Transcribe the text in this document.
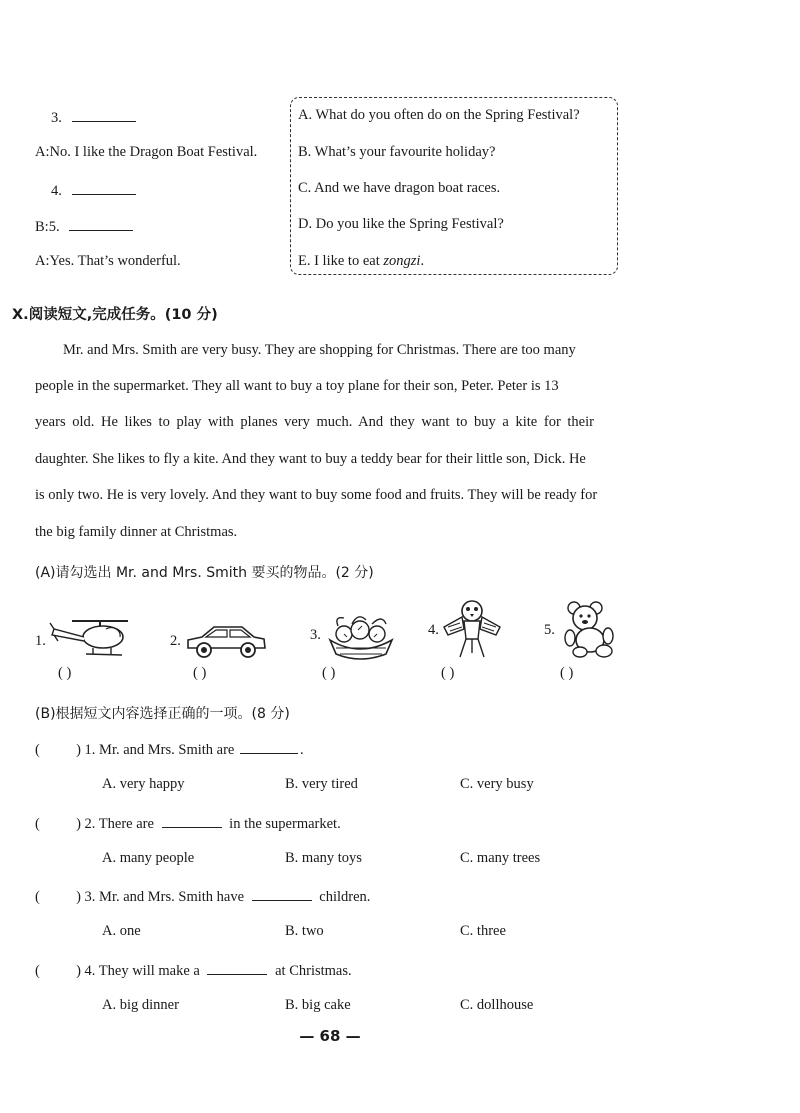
3.
A:No. I like the Dragon Boat Festival.
4.
B:5.
A:Yes. That’s wonderful.
A. What do you often do on the Spring Festival?
B. What’s your favourite holiday?
C. And we have dragon boat races.
D. Do you like the Spring Festival?
E. I like to eat zongzi.
Ⅹ.阅读短文,完成任务。(10 分)
Mr. and Mrs. Smith are very busy. They are shopping for Christmas. There are too many
people in the supermarket. They all want to buy a toy plane for their son, Peter. Peter is 13
years old. He likes to play with planes very much. And they want to buy a kite for their
daughter. She likes to fly a kite. And they want to buy a teddy bear for their little son, Dick. He
is only two. He is very lovely. And they want to buy some food and fruits. They will be ready for
the big family dinner at Christmas.
(A)请勾选出 Mr. and Mrs. Smith 要买的物品。(2 分)
1.
( )
2.
( )
3.
( )
4.
( )
5.
( )
(B)根据短文内容选择正确的一项。(8 分)
(          ) 1. Mr. and Mrs. Smith are	.
A. very happy	B. very tired	C. very busy
(          ) 2. There are	in the supermarket.
A. many people	B. many toys	C. many trees
(          ) 3. Mr. and Mrs. Smith have	children.
A. one	B. two	C. three
(          ) 4. They will make a	at Christmas.
A. big dinner	B. big cake	C. dollhouse
— 68 —
